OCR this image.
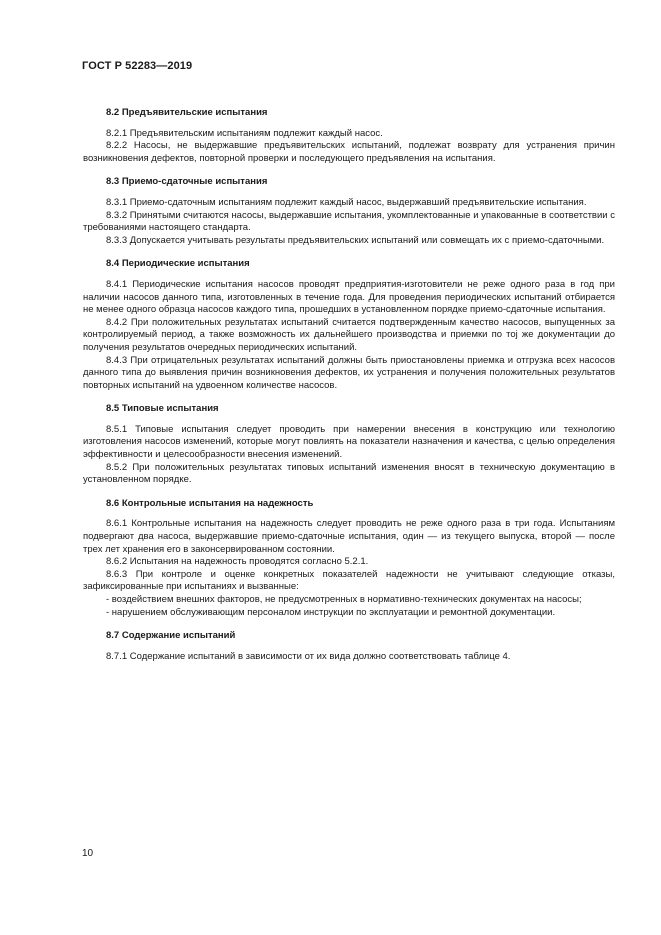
ГОСТ Р 52283—2019
8.2 Предъявительские испытания

8.2.1 Предъявительским испытаниям подлежит каждый насос.

8.2.2 Насосы, не выдержавшие предъявительских испытаний, подлежат возврату для устранения причин возникновения дефектов, повторной проверки и последующего предъявления на испытания.

8.3 Приемо-сдаточные испытания

8.3.1 Приемо-сдаточным испытаниям подлежит каждый насос, выдержавший предъявительские испытания.

8.3.2 Принятыми считаются насосы, выдержавшие испытания, укомплектованные и упакованные в соответствии с требованиями настоящего стандарта.

8.3.3 Допускается учитывать результаты предъявительских испытаний или совмещать их с приемо-сдаточными.

8.4 Периодические испытания

8.4.1 Периодические испытания насосов проводят предприятия-изготовители не реже одного раза в год при наличии насосов данного типа, изготовленных в течение года. Для проведения периодических испытаний отбирается не менее одного образца насосов каждого типа, прошедших в установленном порядке приемо-сдаточные испытания.

8.4.2 При положительных результатах испытаний считается подтвержденным качество насосов, выпущенных за контролируемый период, а также возможность их дальнейшего производства и приемки по тој же документации до получения результатов очередных периодических испытаний.

8.4.3 При отрицательных результатах испытаний должны быть приостановлены приемка и отгрузка всех насосов данного типа до выявления причин возникновения дефектов, их устранения и получения положительных результатов повторных испытаний на удвоенном количестве насосов.

8.5 Типовые испытания

8.5.1 Типовые испытания следует проводить при намерении внесения в конструкцию или технологию изготовления насосов изменений, которые могут повлиять на показатели назначения и качества, с целью определения эффективности и целесообразности внесения изменений.

8.5.2 При положительных результатах типовых испытаний изменения вносят в техническую документацию в установленном порядке.

8.6 Контрольные испытания на надежность

8.6.1 Контрольные испытания на надежность следует проводить не реже одного раза в три года. Испытаниям подвергают два насоса, выдержавшие приемо-сдаточные испытания, один — из текущего выпуска, второй — после трех лет хранения его в законсервированном состоянии.

8.6.2 Испытания на надежность проводятся согласно 5.2.1.

8.6.3 При контроле и оценке конкретных показателей надежности не учитывают следующие отказы, зафиксированные при испытаниях и вызванные:

- воздействием внешних факторов, не предусмотренных в нормативно-технических документах на насосы;

- нарушением обслуживающим персоналом инструкции по эксплуатации и ремонтной документации.

8.7 Содержание испытаний

8.7.1 Содержание испытаний в зависимости от их вида должно соответствовать таблице 4.

10
